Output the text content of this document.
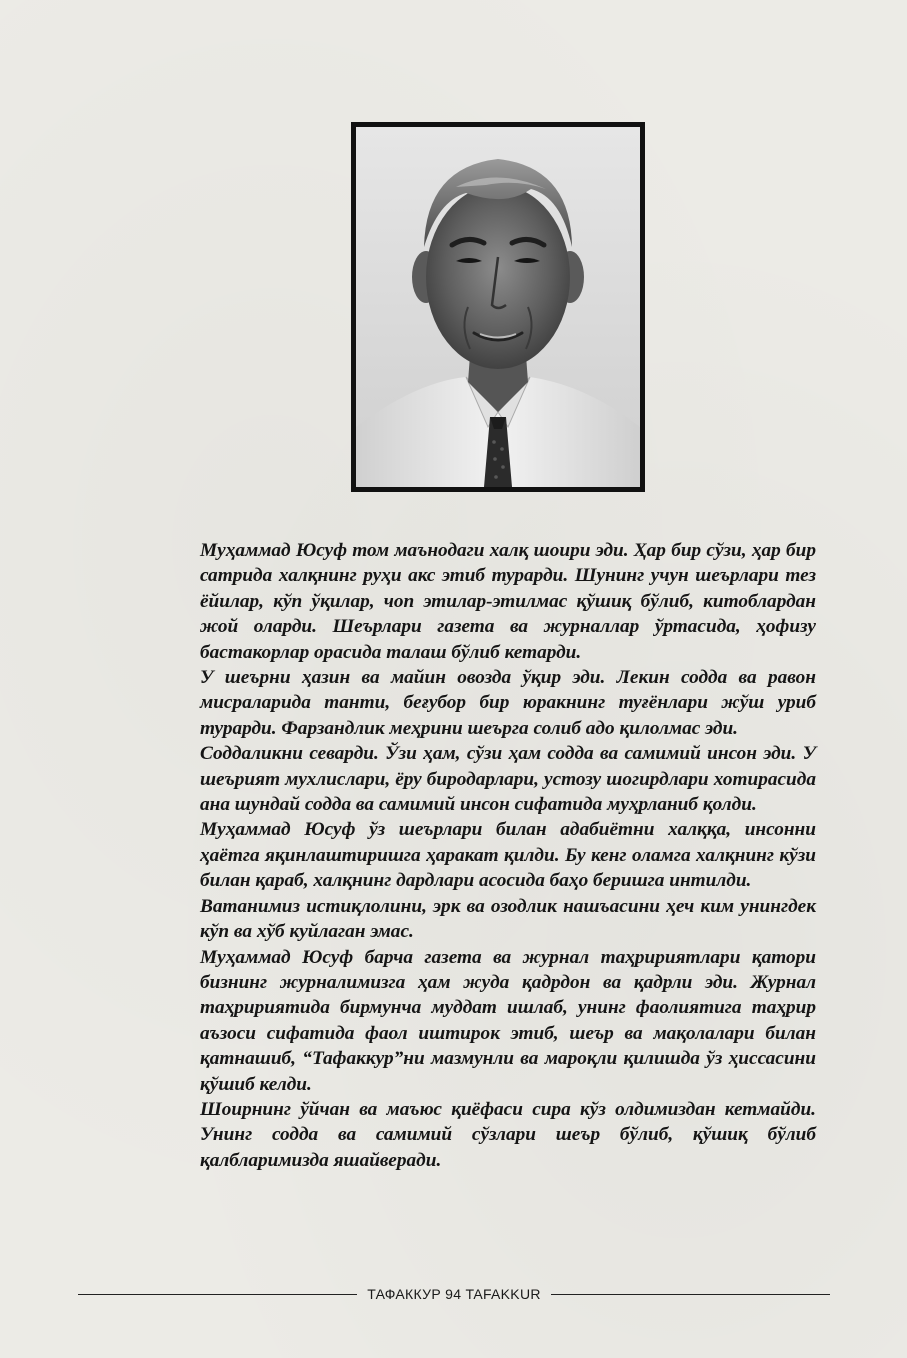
Муҳаммад Юсуф том маънодаги халқ шоири эди. Ҳар бир сўзи, ҳар бир сатрида халқнинг руҳи акс этиб турарди. Шунинг учун шеърлари тез ёйилар, кўп ўқилар, чоп этилар-этилмас қўшиқ бўлиб, китоблардан жой оларди. Шеърлари газета ва журналлар ўртасида, ҳофизу бастакорлар орасида талаш бўлиб кетарди.

У шеърни ҳазин ва майин овозда ўқир эди. Лекин содда ва равон мисраларида танти, беғубор бир юракнинг туғёнлари жўш уриб турарди. Фарзандлик меҳрини шеърга солиб адо қилолмас эди.

Соддаликни севарди. Ўзи ҳам, сўзи ҳам содда ва самимий инсон эди. У шеърият мухлислари, ёру биродарлари, устозу шогирдлари хотирасида ана шундай содда ва самимий инсон сифатида муҳрланиб қолди.

Муҳаммад Юсуф ўз шеърлари билан адабиётни халққа, инсонни ҳаётга яқинлаштиришга ҳаракат қилди. Бу кенг оламга халқнинг кўзи билан қараб, халқнинг дардлари асосида баҳо беришга интилди.

Ватанимиз истиқлолини, эрк ва озодлик нашъасини ҳеч ким унингдек кўп ва хўб куйлаган эмас.

Муҳаммад Юсуф барча газета ва журнал таҳририятлари қатори бизнинг журналимизга ҳам жуда қадрдон ва қадрли эди. Журнал таҳририятида бирмунча муддат ишлаб, унинг фаолиятига таҳрир аъзоси сифатида фаол иштирок этиб, шеър ва мақолалари билан қатнашиб, “Тафаккур”ни мазмунли ва мароқли қилишда ўз ҳиссасини қўшиб келди.

Шоирнинг ўйчан ва маъюс қиёфаси сира кўз олдимиздан кетмайди. Унинг содда ва самимий сўзлари шеър бўлиб, қўшиқ бўлиб қалбларимизда яшайверади.

ТАФАККУР 94 TAFAKKUR
